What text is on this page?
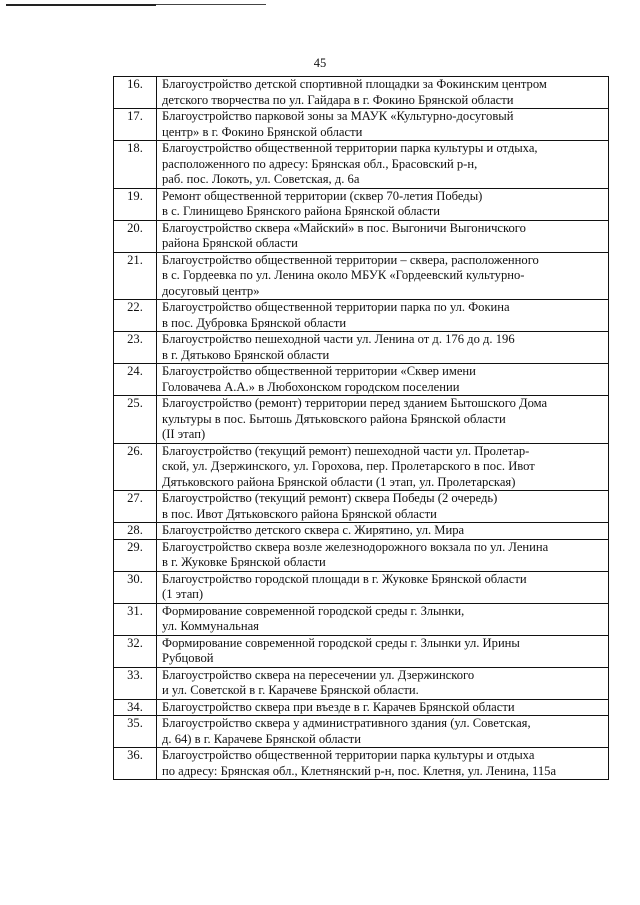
45
16.	Благоустройство детской спортивной площадки за Фокинским центром
детского творчества по ул. Гайдара в г. Фокино Брянской области
17.	Благоустройство парковой зоны за МАУК «Культурно-досуговый
центр» в г. Фокино Брянской области
18.	Благоустройство общественной территории парка культуры и отдыха,
расположенного по адресу: Брянская обл., Брасовский р-н,
раб. пос. Локоть, ул. Советская, д. 6а
19.	Ремонт общественной территории (сквер 70-летия Победы)
в с. Глинищево Брянского района Брянской области
20.	Благоустройство сквера «Майский» в пос. Выгоничи Выгоничского
района Брянской области
21.	Благоустройство общественной территории – сквера, расположенного
в с. Гордеевка по ул. Ленина около МБУК «Гордеевский культурно-
досуговый центр»
22.	Благоустройство общественной территории парка по ул. Фокина
в пос. Дубровка Брянской области
23.	Благоустройство пешеходной части ул. Ленина от д. 176 до д. 196
в г. Дятьково Брянской области
24.	Благоустройство общественной территории «Сквер имени
Головачева А.А.» в Любохонском городском поселении
25.	Благоустройство (ремонт) территории перед зданием Бытошского Дома
культуры в пос. Бытошь Дятьковского района Брянской области
(II этап)
26.	Благоустройство (текущий ремонт) пешеходной части ул. Пролетар-
ской, ул. Дзержинского, ул. Горохова, пер. Пролетарского в пос. Ивот
Дятьковского района Брянской области (1 этап, ул. Пролетарская)
27.	Благоустройство (текущий ремонт) сквера Победы (2 очередь)
в пос. Ивот Дятьковского района Брянской области
28.	Благоустройство детского сквера с. Жирятино, ул. Мира
29.	Благоустройство сквера возле железнодорожного вокзала по ул. Ленина
в г. Жуковке Брянской области
30.	Благоустройство городской площади в г. Жуковке Брянской области
(1 этап)
31.	Формирование современной городской среды г. Злынки,
ул. Коммунальная
32.	Формирование современной городской среды г. Злынки ул. Ирины
Рубцовой
33.	Благоустройство сквера на пересечении ул. Дзержинского
и ул. Советской в г. Карачеве Брянской области.
34.	Благоустройство сквера при въезде в г. Карачев Брянской области
35.	Благоустройство сквера у административного здания (ул. Советская,
д. 64) в г. Карачеве Брянской области
36.	Благоустройство общественной территории парка культуры и отдыха
по адресу: Брянская обл., Клетнянский р-н, пос. Клетня, ул. Ленина, 115а
